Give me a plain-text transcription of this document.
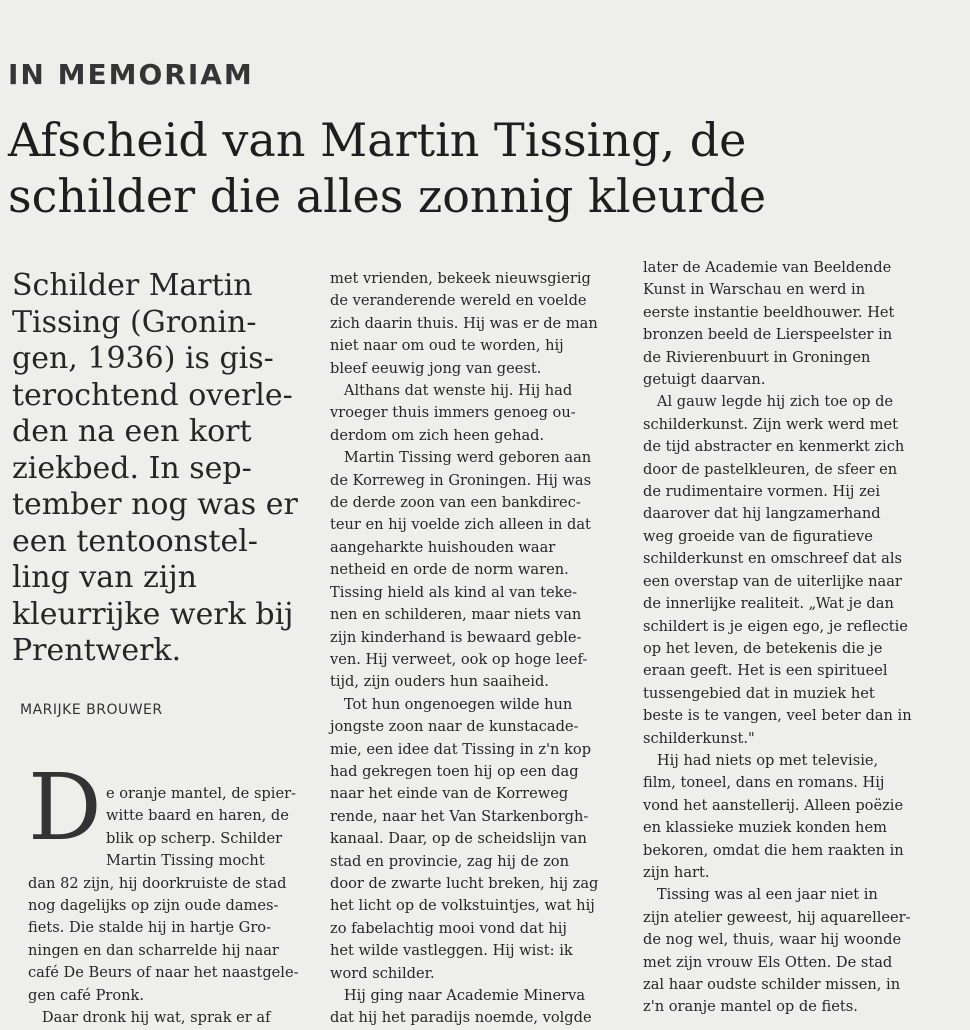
IN MEMORIAM
Afscheid van Martin Tissing, de
schilder die alles zonnig kleurde
Schilder Martin
Tissing (Gronin-
gen, 1936) is gis-
terochtend overle-
den na een kort
ziekbed. In sep-
tember nog was er
een tentoonstel-
ling van zijn
kleurrijke werk bij
Prentwerk.
MARIJKE BROUWER
D e oranje mantel, de spier-
witte baard en haren, de
blik op scherp. Schilder
Martin Tissing mocht
dan 82 zijn, hij doorkruiste de stad
nog dagelijks op zijn oude dames-
fiets. Die stalde hij in hartje Gro-
ningen en dan scharrelde hij naar
café De Beurs of naar het naastgele-
gen café Pronk.
Daar dronk hij wat, sprak er af
met vrienden, bekeek nieuwsgierig
de veranderende wereld en voelde
zich daarin thuis. Hij was er de man
niet naar om oud te worden, hij
bleef eeuwig jong van geest.
Althans dat wenste hij. Hij had
vroeger thuis immers genoeg ou-
derdom om zich heen gehad.
Martin Tissing werd geboren aan
de Korreweg in Groningen. Hij was
de derde zoon van een bankdirec-
teur en hij voelde zich alleen in dat
aangeharkte huishouden waar
netheid en orde de norm waren.
Tissing hield als kind al van teke-
nen en schilderen, maar niets van
zijn kinderhand is bewaard geble-
ven. Hij verweet, ook op hoge leef-
tijd, zijn ouders hun saaiheid.
Tot hun ongenoegen wilde hun
jongste zoon naar de kunstacade-
mie, een idee dat Tissing in z'n kop
had gekregen toen hij op een dag
naar het einde van de Korreweg
rende, naar het Van Starkenborgh-
kanaal. Daar, op de scheidslijn van
stad en provincie, zag hij de zon
door de zwarte lucht breken, hij zag
het licht op de volkstuintjes, wat hij
zo fabelachtig mooi vond dat hij
het wilde vastleggen. Hij wist: ik
word schilder.
Hij ging naar Academie Minerva
dat hij het paradijs noemde, volgde
later de Academie van Beeldende
Kunst in Warschau en werd in
eerste instantie beeldhouwer. Het
bronzen beeld de Lierspeelster in
de Rivierenbuurt in Groningen
getuigt daarvan.
Al gauw legde hij zich toe op de
schilderkunst. Zijn werk werd met
de tijd abstracter en kenmerkt zich
door de pastelkleuren, de sfeer en
de rudimentaire vormen. Hij zei
daarover dat hij langzamerhand
weg groeide van de figuratieve
schilderkunst en omschreef dat als
een overstap van de uiterlijke naar
de innerlijke realiteit. „Wat je dan
schildert is je eigen ego, je reflectie
op het leven, de betekenis die je
eraan geeft. Het is een spiritueel
tussengebied dat in muziek het
beste is te vangen, veel beter dan in
schilderkunst."
Hij had niets op met televisie,
film, toneel, dans en romans. Hij
vond het aanstellerij. Alleen poëzie
en klassieke muziek konden hem
bekoren, omdat die hem raakten in
zijn hart.
Tissing was al een jaar niet in
zijn atelier geweest, hij aquarelleer-
de nog wel, thuis, waar hij woonde
met zijn vrouw Els Otten. De stad
zal haar oudste schilder missen, in
z'n oranje mantel op de fiets.
